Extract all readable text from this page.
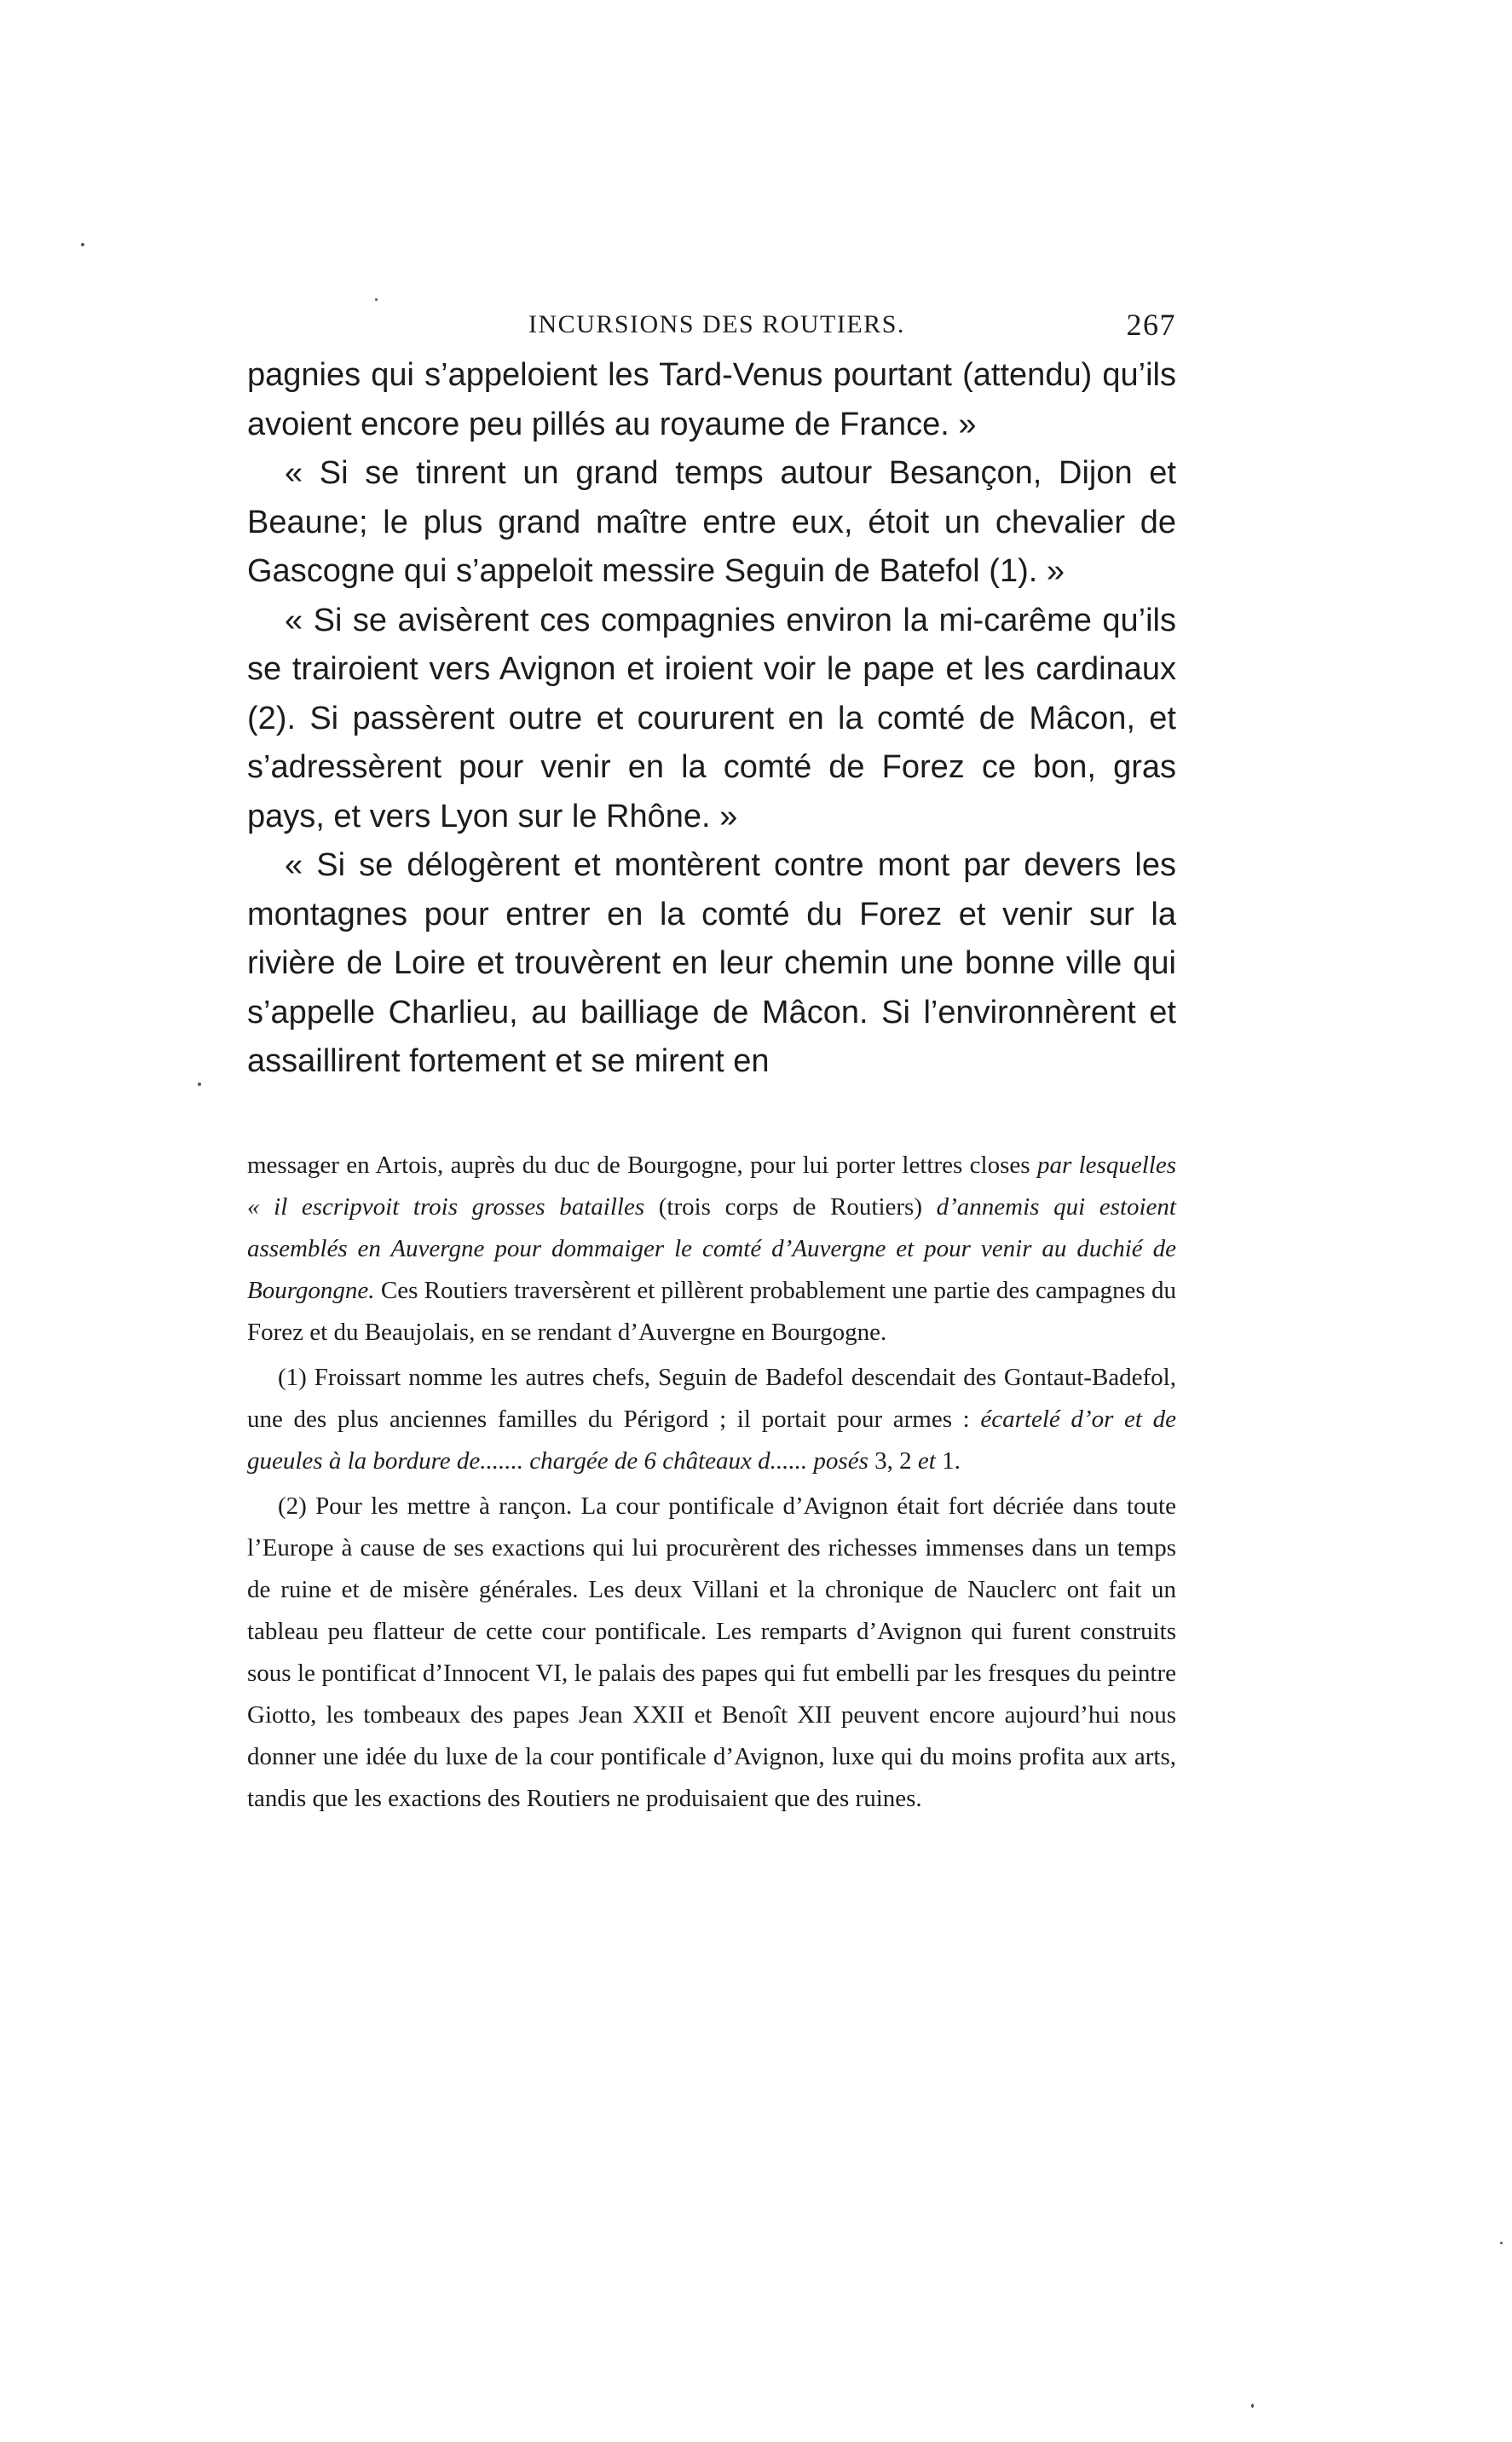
INCURSIONS DES ROUTIERS.	267

pagnies qui s’appeloient les Tard-Venus pourtant (attendu) qu’ils avoient encore peu pillés au royaume de France. »

« Si se tinrent un grand temps autour Besançon, Dijon et Beaune; le plus grand maître entre eux, étoit un chevalier de Gascogne qui s’appeloit messire Seguin de Batefol (1). »

« Si se avisèrent ces compagnies environ la mi-carême qu’ils se trairoient vers Avignon et iroient voir le pape et les cardinaux (2). Si passèrent outre et coururent en la comté de Mâcon, et s’adressèrent pour venir en la comté de Forez ce bon, gras pays, et vers Lyon sur le Rhône. »

« Si se délogèrent et montèrent contre mont par devers les montagnes pour entrer en la comté du Forez et venir sur la rivière de Loire et trouvèrent en leur chemin une bonne ville qui s’appelle Charlieu, au bailliage de Mâcon. Si l’environnèrent et assaillirent fortement et se mirent en

messager en Artois, auprès du duc de Bourgogne, pour lui porter lettres closes par lesquelles « il escripvoit trois grosses batailles (trois corps de Routiers) d’annemis qui estoient assemblés en Auvergne pour dommaiger le comté d’Auvergne et pour venir au duchié de Bourgongne. Ces Routiers traversèrent et pillèrent probablement une partie des campagnes du Forez et du Beaujolais, en se rendant d’Auvergne en Bourgogne.

(1) Froissart nomme les autres chefs, Seguin de Badefol descendait des Gontaut-Badefol, une des plus anciennes familles du Périgord ; il portait pour armes : écartelé d’or et de gueules à la bordure de....... chargée de 6 châteaux d...... posés 3, 2 et 1.

(2) Pour les mettre à rançon. La cour pontificale d’Avignon était fort décriée dans toute l’Europe à cause de ses exactions qui lui procurèrent des richesses immenses dans un temps de ruine et de misère générales. Les deux Villani et la chronique de Nauclerc ont fait un tableau peu flatteur de cette cour pontificale. Les remparts d’Avignon qui furent construits sous le pontificat d’Innocent VI, le palais des papes qui fut embelli par les fresques du peintre Giotto, les tombeaux des papes Jean XXII et Benoît XII peuvent encore aujourd’hui nous donner une idée du luxe de la cour pontificale d’Avignon, luxe qui du moins profita aux arts, tandis que les exactions des Routiers ne produisaient que des ruines.
